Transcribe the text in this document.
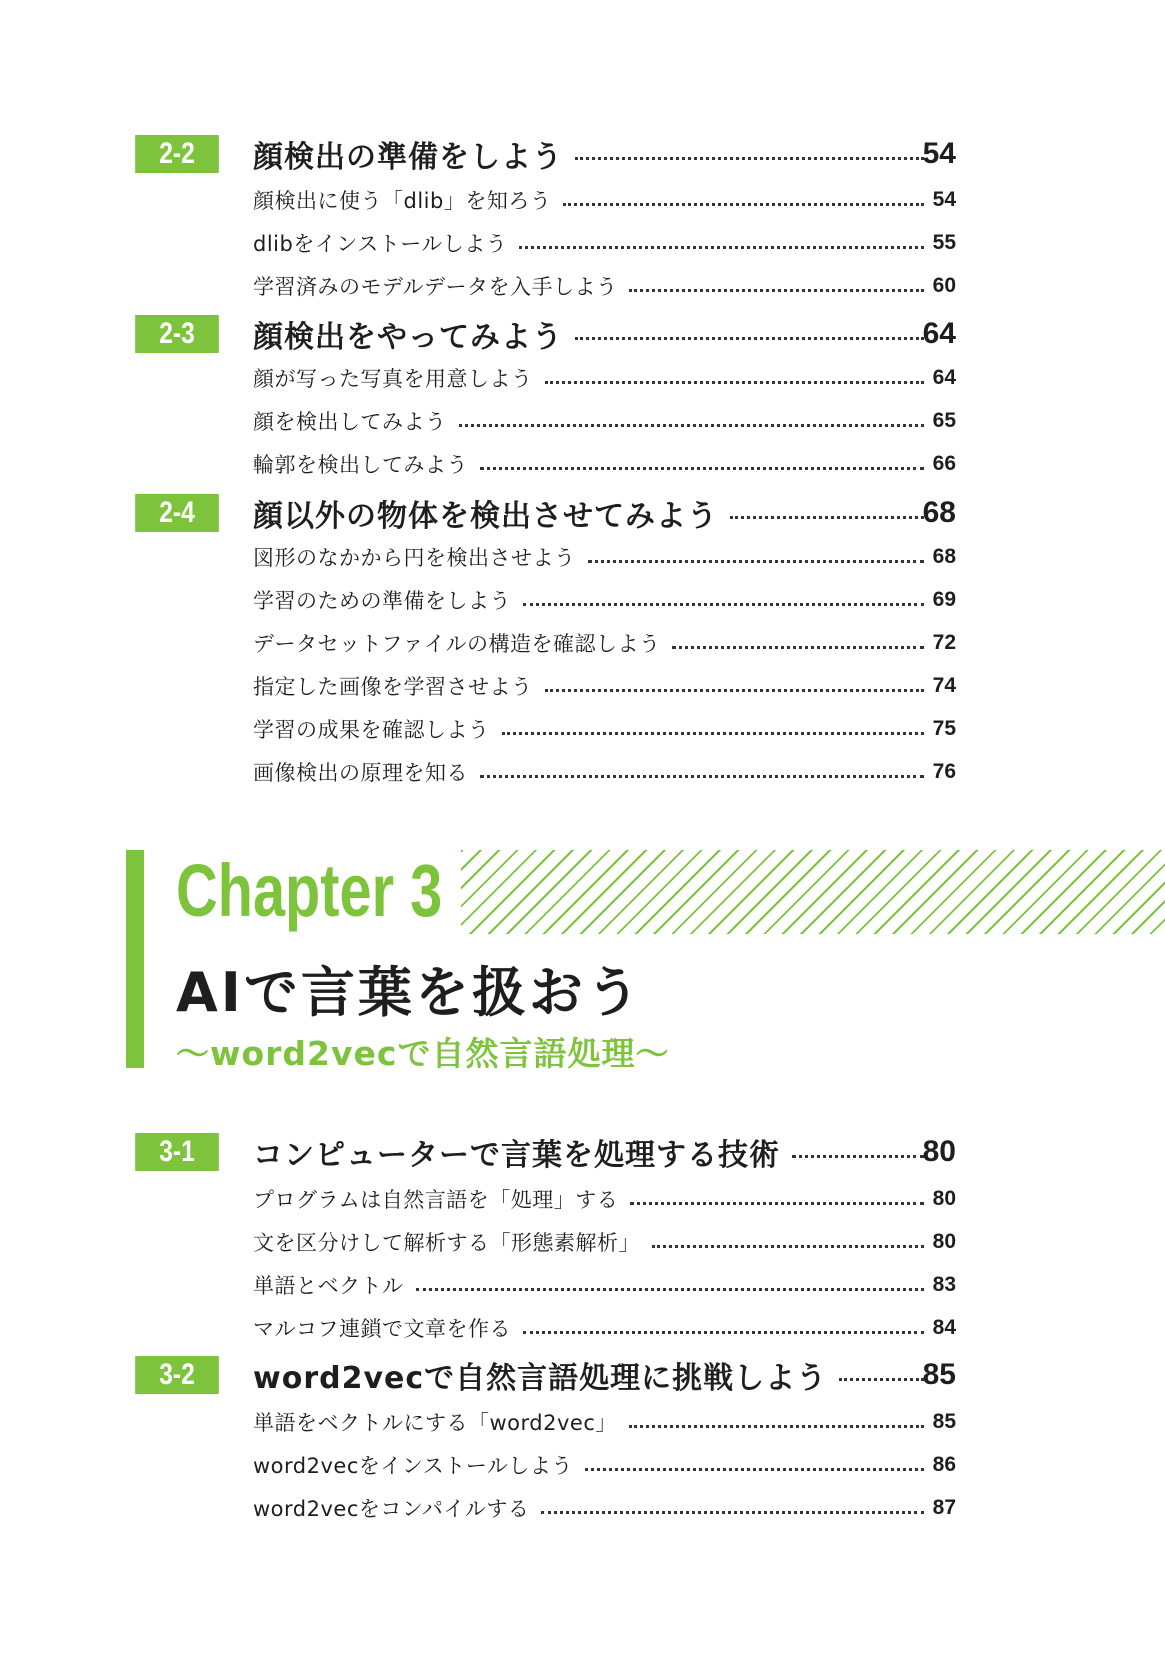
2-2	顔検出の準備をしよう	54
顔検出に使う「dlib」を知ろう	54
dlibをインストールしよう	55
学習済みのモデルデータを入手しよう	60
2-3	顔検出をやってみよう	64
顔が写った写真を用意しよう	64
顔を検出してみよう	65
輪郭を検出してみよう	66
2-4	顔以外の物体を検出させてみよう	68
図形のなかから円を検出させよう	68
学習のための準備をしよう	69
データセットファイルの構造を確認しよう	72
指定した画像を学習させよう	74
学習の成果を確認しよう	75
画像検出の原理を知る	76
Chapter 3
AIで言葉を扱おう
～word2vecで自然言語処理～
3-1	コンピューターで言葉を処理する技術	80
プログラムは自然言語を「処理」する	80
文を区分けして解析する「形態素解析」	80
単語とベクトル	83
マルコフ連鎖で文章を作る	84
3-2	word2vecで自然言語処理に挑戦しよう	85
単語をベクトルにする「word2vec」	85
word2vecをインストールしよう	86
word2vecをコンパイルする	87
